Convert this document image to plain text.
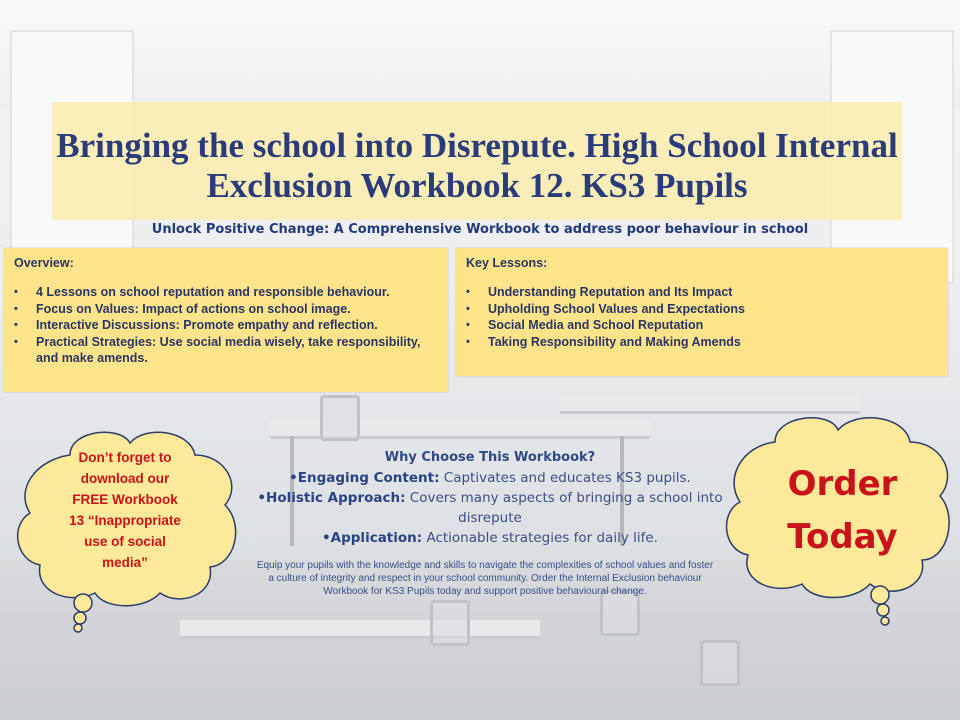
Bringing the school into Disrepute. High School Internal Exclusion Workbook 12. KS3 Pupils
Unlock Positive Change: A Comprehensive Workbook to address poor behaviour in school
Overview:
• 4 Lessons on school reputation and responsible behaviour.
• Focus on Values: Impact of actions on school image.
• Interactive Discussions: Promote empathy and reflection.
• Practical Strategies: Use social media wisely, take responsibility, and make amends.
Key Lessons:
• Understanding Reputation and Its Impact
• Upholding School Values and Expectations
• Social Media and School Reputation
• Taking Responsibility and Making Amends
Why Choose This Workbook?
•Engaging Content: Captivates and educates KS3 pupils.
•Holistic Approach: Covers many aspects of bringing a school into disrepute
•Application: Actionable strategies for daily life.
Equip your pupils with the knowledge and skills to navigate the complexities of school values and foster a culture of integrity and respect in your school community. Order the Internal Exclusion behaviour Workbook for KS3 Pupils today and support positive behavioural change.
Don’t forget to
download our
FREE Workbook
13 “Inappropriate
use of social
media”
Order
Today
